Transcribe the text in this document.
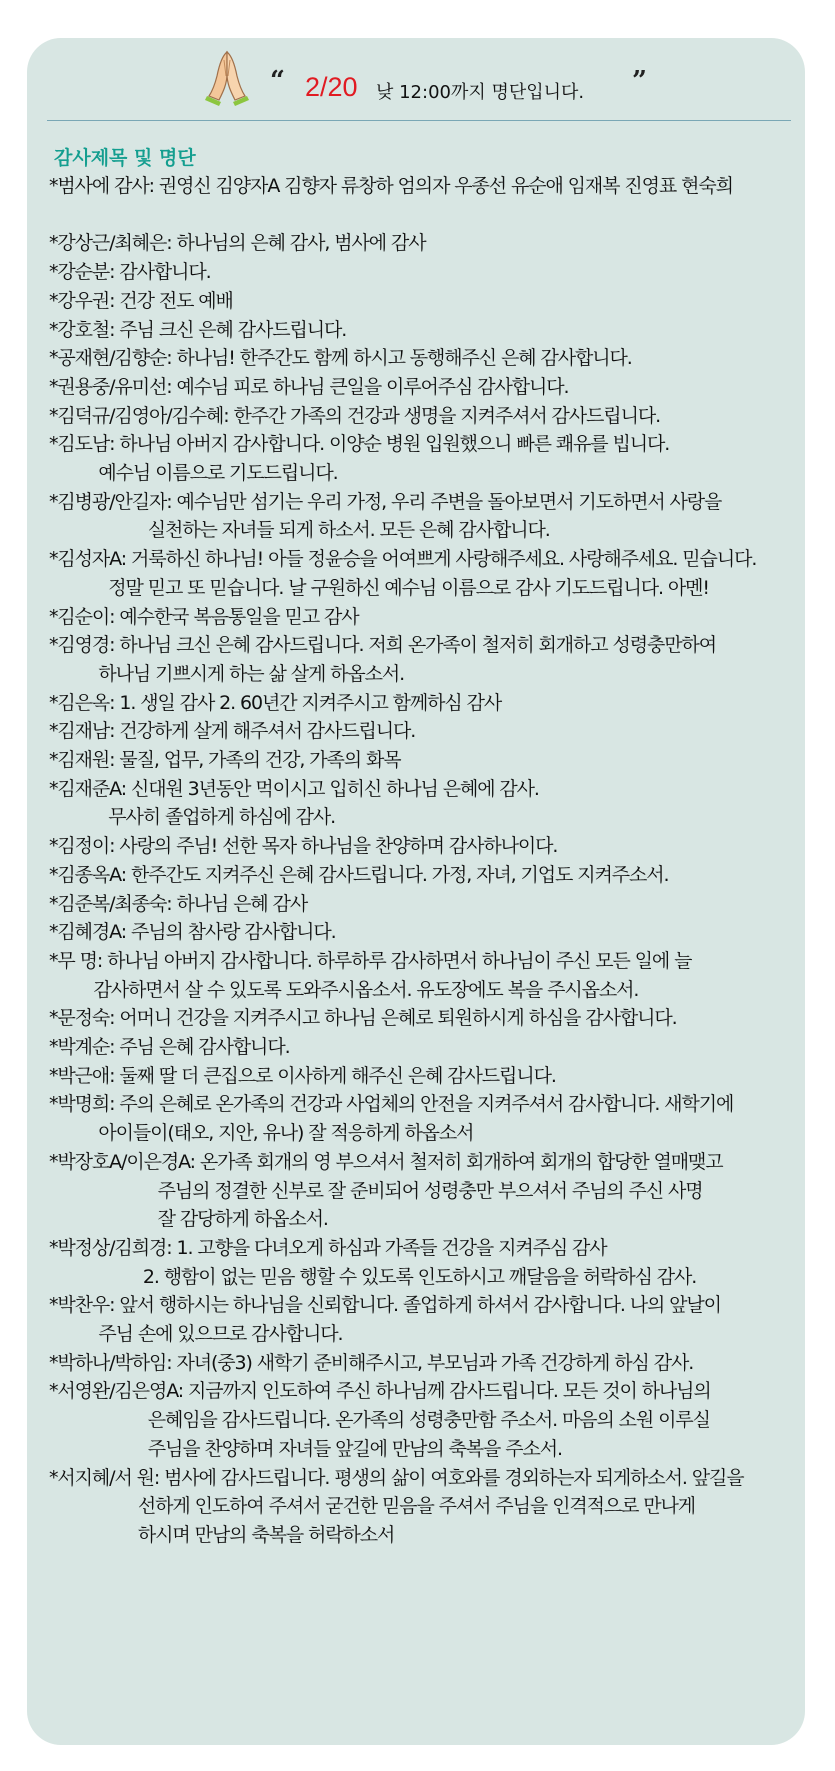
“ 2/20 낮 12:00까지 명단입니다. ”
감사제목 및 명단
*범사에 감사: 권영신 김양자A 김향자 류창하 엄의자 우종선 유순애 임재복 진영표 현숙희
*강상근/최혜은: 하나님의 은혜 감사, 범사에 감사
*강순분: 감사합니다.
*강우권: 건강 전도 예배
*강호철: 주님 크신 은혜 감사드립니다.
*공재현/김향순: 하나님! 한주간도 함께 하시고 동행해주신 은혜 감사합니다.
*권용중/유미선: 예수님 피로 하나님 큰일을 이루어주심 감사합니다.
*김덕규/김영아/김수혜: 한주간 가족의 건강과 생명을 지켜주셔서 감사드립니다.
*김도남: 하나님 아버지 감사합니다. 이양순 병원 입원했으니 빠른 쾌유를 빕니다.
예수님 이름으로 기도드립니다.
*김병광/안길자: 예수님만 섬기는 우리 가정, 우리 주변을 돌아보면서 기도하면서 사랑을
실천하는 자녀들 되게 하소서. 모든 은혜 감사합니다.
*김성자A: 거룩하신 하나님! 아들 정윤승을 어여쁘게 사랑해주세요. 사랑해주세요. 믿습니다.
정말 믿고 또 믿습니다. 날 구원하신 예수님 이름으로 감사 기도드립니다. 아멘!
*김순이: 예수한국 복음통일을 믿고 감사
*김영경: 하나님 크신 은혜 감사드립니다. 저희 온가족이 철저히 회개하고 성령충만하여
하나님 기쁘시게 하는 삶 살게 하옵소서.
*김은옥: 1. 생일 감사 2. 60년간 지켜주시고 함께하심 감사
*김재남: 건강하게 살게 해주셔서 감사드립니다.
*김재원: 물질, 업무, 가족의 건강, 가족의 화목
*김재준A: 신대원 3년동안 먹이시고 입히신 하나님 은혜에 감사.
무사히 졸업하게 하심에 감사.
*김정이: 사랑의 주님! 선한 목자 하나님을 찬양하며 감사하나이다.
*김종옥A: 한주간도 지켜주신 은혜 감사드립니다. 가정, 자녀, 기업도 지켜주소서.
*김준복/최종숙: 하나님 은혜 감사
*김혜경A: 주님의 참사랑 감사합니다.
*무 명: 하나님 아버지 감사합니다. 하루하루 감사하면서 하나님이 주신 모든 일에 늘
감사하면서 살 수 있도록 도와주시옵소서. 유도장에도 복을 주시옵소서.
*문정숙: 어머니 건강을 지켜주시고 하나님 은혜로 퇴원하시게 하심을 감사합니다.
*박계순: 주님 은혜 감사합니다.
*박근애: 둘째 딸 더 큰집으로 이사하게 해주신 은혜 감사드립니다.
*박명희: 주의 은혜로 온가족의 건강과 사업체의 안전을 지켜주셔서 감사합니다. 새학기에
아이들이(태오, 지안, 유나) 잘 적응하게 하옵소서
*박장호A/이은경A: 온가족 회개의 영 부으셔서 철저히 회개하여 회개의 합당한 열매맺고
주님의 정결한 신부로 잘 준비되어 성령충만 부으셔서 주님의 주신 사명
잘 감당하게 하옵소서.
*박정상/김희경: 1. 고향을 다녀오게 하심과 가족들 건강을 지켜주심 감사
2. 행함이 없는 믿음 행할 수 있도록 인도하시고 깨달음을 허락하심 감사.
*박찬우: 앞서 행하시는 하나님을 신뢰합니다. 졸업하게 하셔서 감사합니다. 나의 앞날이
주님 손에 있으므로 감사합니다.
*박하나/박하임: 자녀(중3) 새학기 준비해주시고, 부모님과 가족 건강하게 하심 감사.
*서영완/김은영A: 지금까지 인도하여 주신 하나님께 감사드립니다. 모든 것이 하나님의
은혜임을 감사드립니다. 온가족의 성령충만함 주소서. 마음의 소원 이루실
주님을 찬양하며 자녀들 앞길에 만남의 축복을 주소서.
*서지혜/서 원: 범사에 감사드립니다. 평생의 삶이 여호와를 경외하는자 되게하소서. 앞길을
선하게 인도하여 주셔서 굳건한 믿음을 주셔서 주님을 인격적으로 만나게
하시며 만남의 축복을 허락하소서
